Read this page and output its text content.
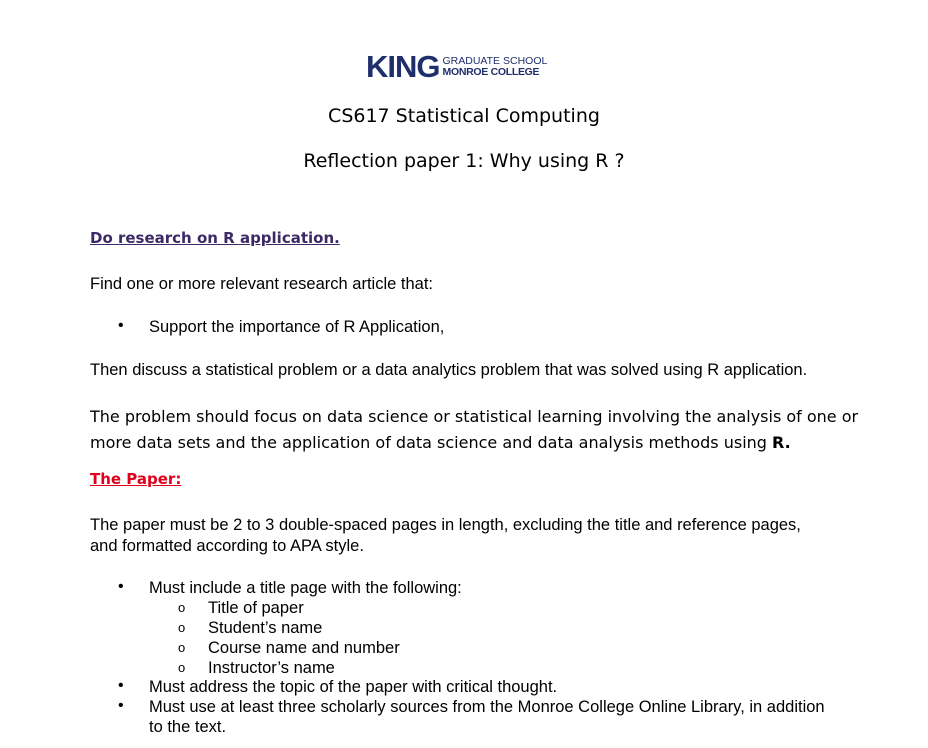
KING GRADUATE SCHOOL
MONROE COLLEGE
CS617 Statistical Computing
Reflection paper 1: Why using R ?
Do research on R application.
Find one or more relevant research article that:
• Support the importance of R Application,
Then discuss a statistical problem or a data analytics problem that was solved using R application.
The problem should focus on data science or statistical learning involving the analysis of one or
more data sets and the application of data science and data analysis methods using R.
The Paper:
The paper must be 2 to 3 double-spaced pages in length, excluding the title and reference pages,
and formatted according to APA style.
• Must include a title page with the following:
o Title of paper
o Student’s name
o Course name and number
o Instructor’s name
• Must address the topic of the paper with critical thought.
• Must use at least three scholarly sources from the Monroe College Online Library, in addition
to the text.
